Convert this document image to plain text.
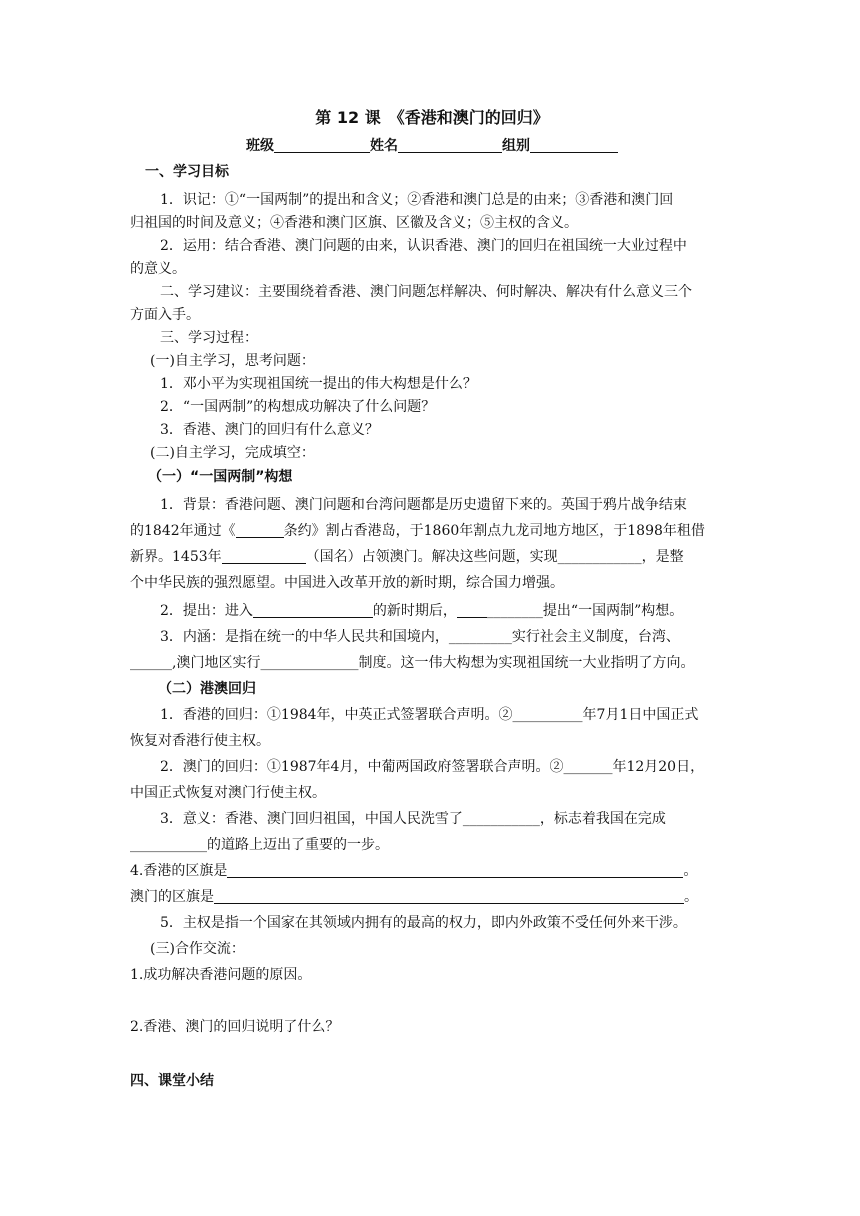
第 12 课　《香港和澳门的回归》
班级	姓名	组别
一、学习目标
1．识记：①“一国两制”的提出和含义；②香港和澳门总是的由来；③香港和澳门回
归祖国的时间及意义；④香港和澳门区旗、区徽及含义；⑤主权的含义。
2．运用：结合香港、澳门问题的由来，认识香港、澳门的回归在祖国统一大业过程中
的意义。
二、学习建议：主要围绕着香港、澳门问题怎样解决、何时解决、解决有什么意义三个
方面入手。
三、学习过程：
(一)自主学习，思考问题：
1．邓小平为实现祖国统一提出的伟大构想是什么？
2．“一国两制”的构想成功解决了什么问题？
3．香港、澳门的回归有什么意义？
(二)自主学习，完成填空：
（一）“一国两制”构想
1．背景：香港问题、澳门问题和台湾问题都是历史遗留下来的。英国于鸦片战争结束
的1842年通过《	条约》割占香港岛，于1860年割点九龙司地方地区，于1898年租借
新界。1453年	（国名）占领澳门。解决这些问题，实现____________，是整
个中华民族的强烈愿望。中国进入改革开放的新时期，综合国力增强。
2．提出：进入	的新时期后， ________提出“一国两制”构想。
3．内涵：是指在统一的中华人民共和国境内，_________实行社会主义制度，台湾、
______,澳门地区实行______________制度。这一伟大构想为实现祖国统一大业指明了方向。
（二）港澳回归
1．香港的回归：①1984年，中英正式签署联合声明。②__________年7月1日中国正式
恢复对香港行使主权。
2．澳门的回归：①1987年4月，中葡两国政府签署联合声明。②_______年12月20日，
中国正式恢复对澳门行使主权。
3．意义：香港、澳门回归祖国，中国人民洗雪了___________，标志着我国在完成
___________的道路上迈出了重要的一步。
4.香港的区旗是	。
澳门的区旗是	。
5．主权是指一个国家在其领域内拥有的最高的权力，即内外政策不受任何外来干涉。
(三)合作交流：
1.成功解决香港问题的原因。
2.香港、澳门的回归说明了什么？
四、课堂小结
